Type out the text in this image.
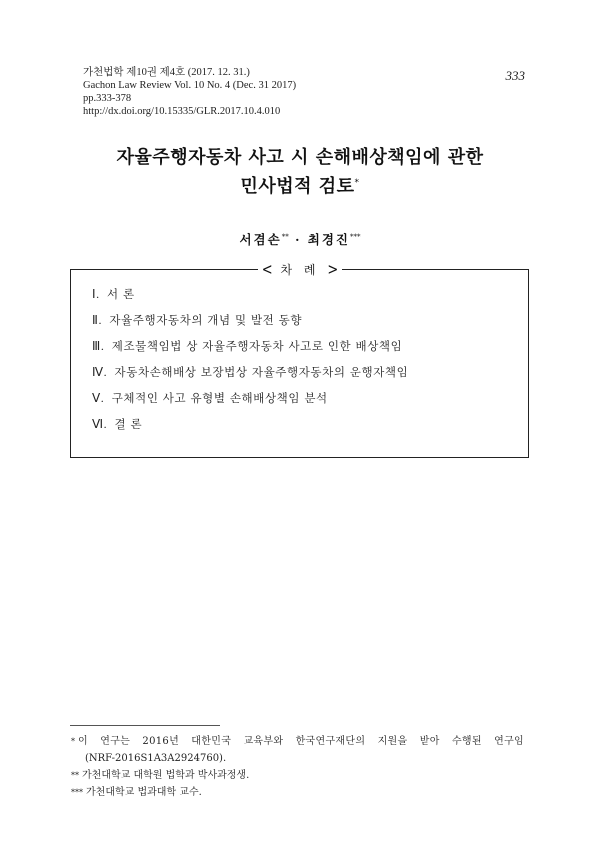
가천법학 제10권 제4호 (2017. 12. 31.)
Gachon Law Review Vol. 10 No. 4 (Dec. 31 2017)
pp.333-378
http://dx.doi.org/10.15335/GLR.2017.10.4.010
333
자율주행자동차 사고 시 손해배상책임에 관한
민사법적 검토*
서겸손** · 최경진***
< 차 례 >
Ⅰ. 서 론
Ⅱ. 자율주행자동차의 개념 및 발전 동향
Ⅲ. 제조물책임법 상 자율주행자동차 사고로 인한 배상책임
Ⅳ. 자동차손해배상 보장법상 자율주행자동차의 운행자책임
Ⅴ. 구체적인 사고 유형별 손해배상책임 분석
Ⅵ. 결 론
* 이 연구는 2016년 대한민국 교육부와 한국연구재단의 지원을 받아 수행된 연구임
(NRF-2016S1A3A2924760).
** 가천대학교 대학원 법학과 박사과정생.
*** 가천대학교 법과대학 교수.
